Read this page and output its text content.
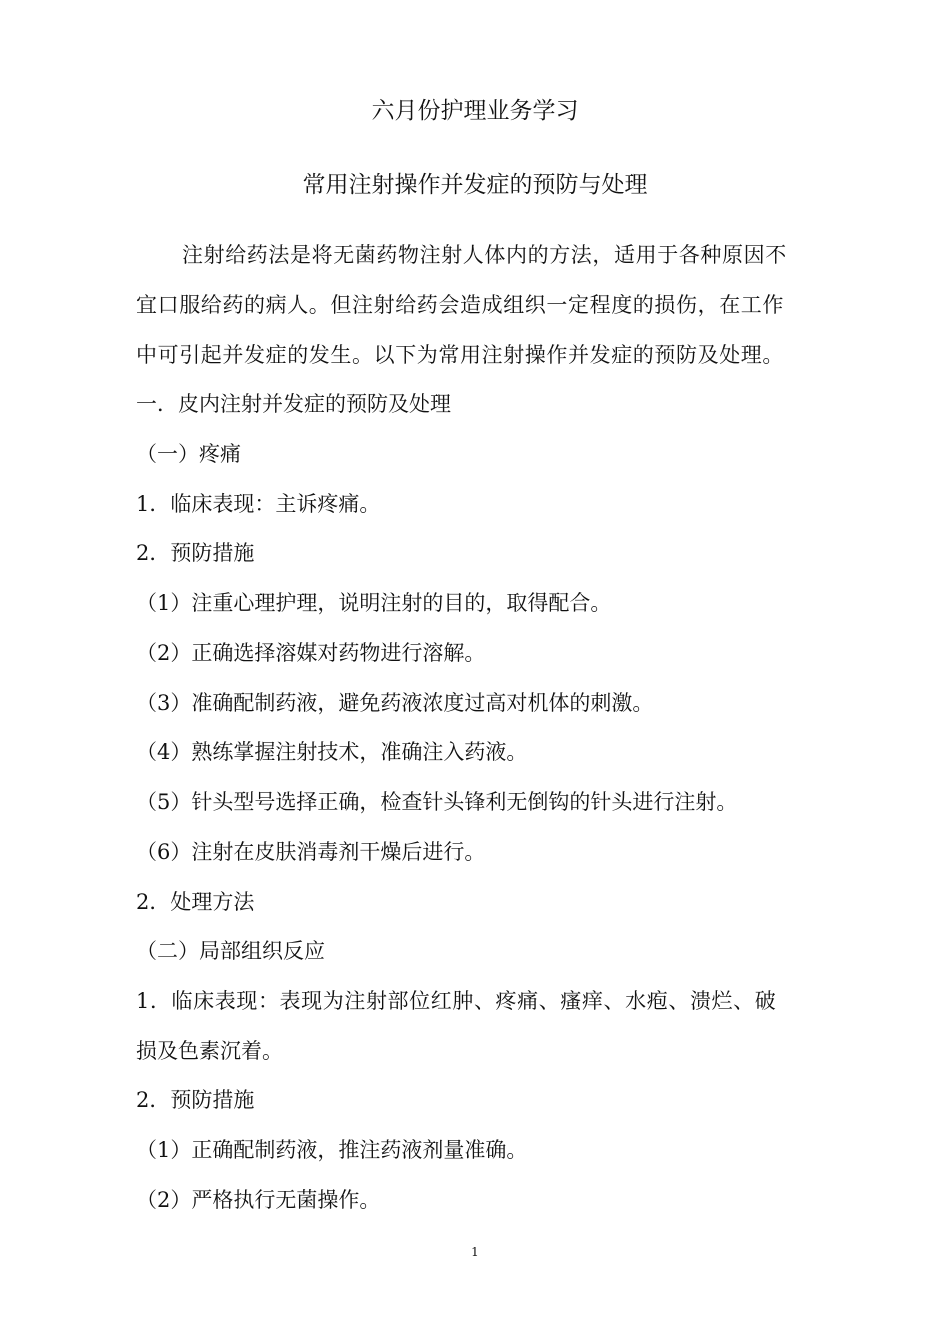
六月份护理业务学习
常用注射操作并发症的预防与处理
注射给药法是将无菌药物注射人体内的方法，适用于各种原因不
宜口服给药的病人。但注射给药会造成组织一定程度的损伤，在工作
中可引起并发症的发生。以下为常用注射操作并发症的预防及处理。
一．皮内注射并发症的预防及处理
（一）疼痛
1．临床表现：主诉疼痛。
2．预防措施
（1）注重心理护理，说明注射的目的，取得配合。
（2）正确选择溶媒对药物进行溶解。
（3）准确配制药液，避免药液浓度过高对机体的刺激。
（4）熟练掌握注射技术，准确注入药液。
（5）针头型号选择正确，检查针头锋利无倒钩的针头进行注射。
（6）注射在皮肤消毒剂干燥后进行。
2．处理方法
（二）局部组织反应
1．临床表现：表现为注射部位红肿、疼痛、瘙痒、水疱、溃烂、破
损及色素沉着。
2．预防措施
（1）正确配制药液，推注药液剂量准确。
（2）严格执行无菌操作。
1
